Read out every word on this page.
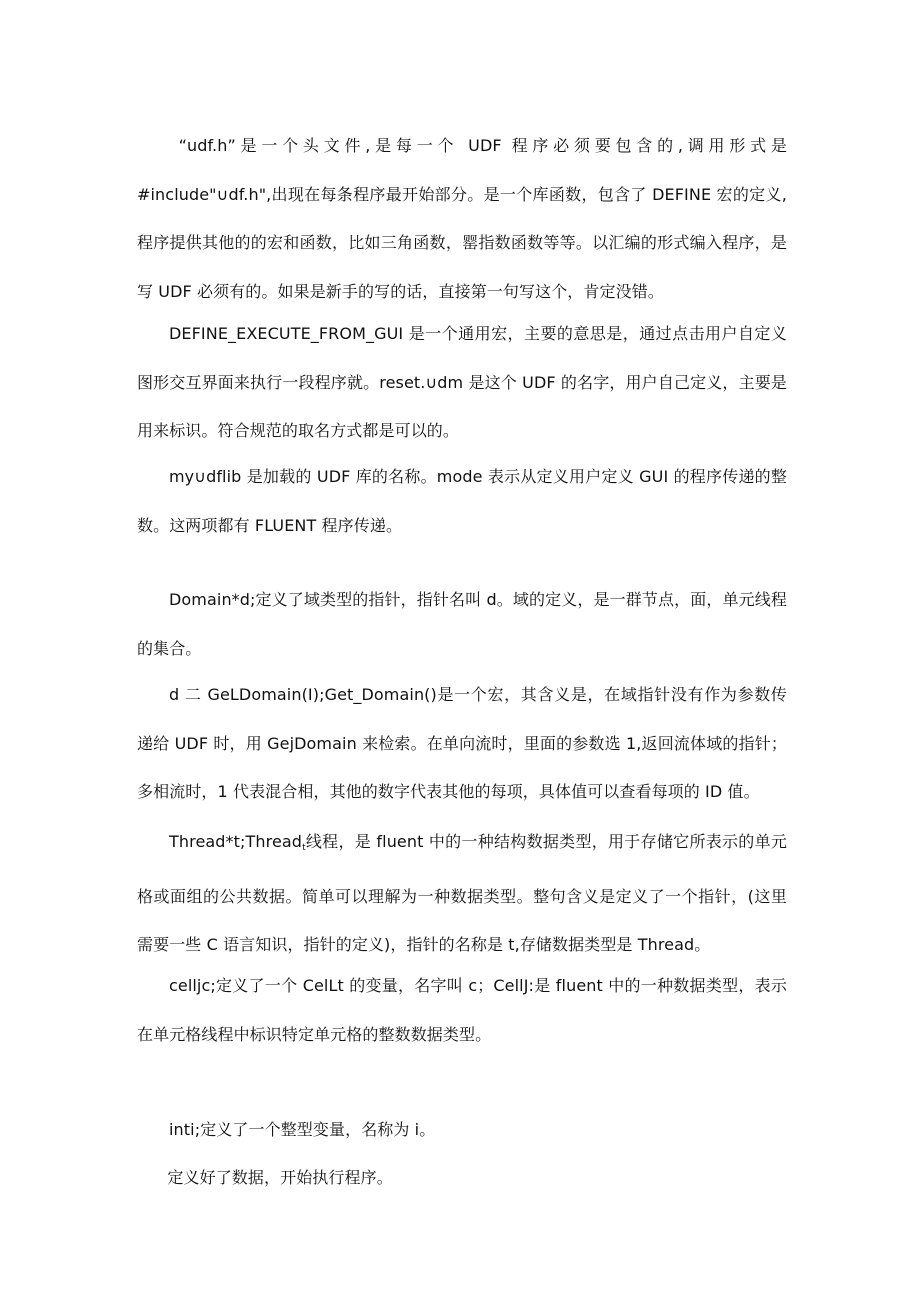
“udf.h”是一个头文件,是每一个 UDF 程序必须要包含的,调用形式是#include"∪df.h",出现在每条程序最开始部分。是一个库函数，包含了 DEFINE 宏的定义,程序提供其他的的宏和函数，比如三角函数，罂指数函数等等。以汇编的形式编入程序，是写 UDF 必须有的。如果是新手的写的话，直接第一句写这个，肯定没错。

DEFINE_EXECUTE_FROM_GUI 是一个通用宏，主要的意思是，通过点击用户自定义图形交互界面来执行一段程序就。reset.∪dm 是这个 UDF 的名字，用户自己定义，主要是用来标识。符合规范的取名方式都是可以的。

my∪dflib 是加载的 UDF 库的名称。mode 表示从定义用户定义 GUI 的程序传递的整数。这两项都有 FLUENT 程序传递。

Domain*d;定义了域类型的指针，指针名叫 d。域的定义，是一群节点，面，单元线程的集合。

d 二 GeLDomain(I);Get_Domain()是一个宏，其含义是，在域指针没有作为参数传递给 UDF 时，用 GejDomain 来检索。在单向流时，里面的参数选 1,返回流体域的指针；多相流时，1 代表混合相，其他的数字代表其他的每项，具体值可以查看每项的 ID 值。

Thread*t;Thread$_t$线程，是 fluent 中的一种结构数据类型，用于存储它所表示的单元格或面组的公共数据。简单可以理解为一种数据类型。整句含义是定义了一个指针，(这里需要一些 C 语言知识，指针的定义)，指针的名称是 t,存储数据类型是 Thread。

celljc;定义了一个 CelLt 的变量，名字叫 c；CellJ:是 fluent 中的一种数据类型，表示在单元格线程中标识特定单元格的整数数据类型。

inti;定义了一个整型变量，名称为 i。

定义好了数据，开始执行程序。
